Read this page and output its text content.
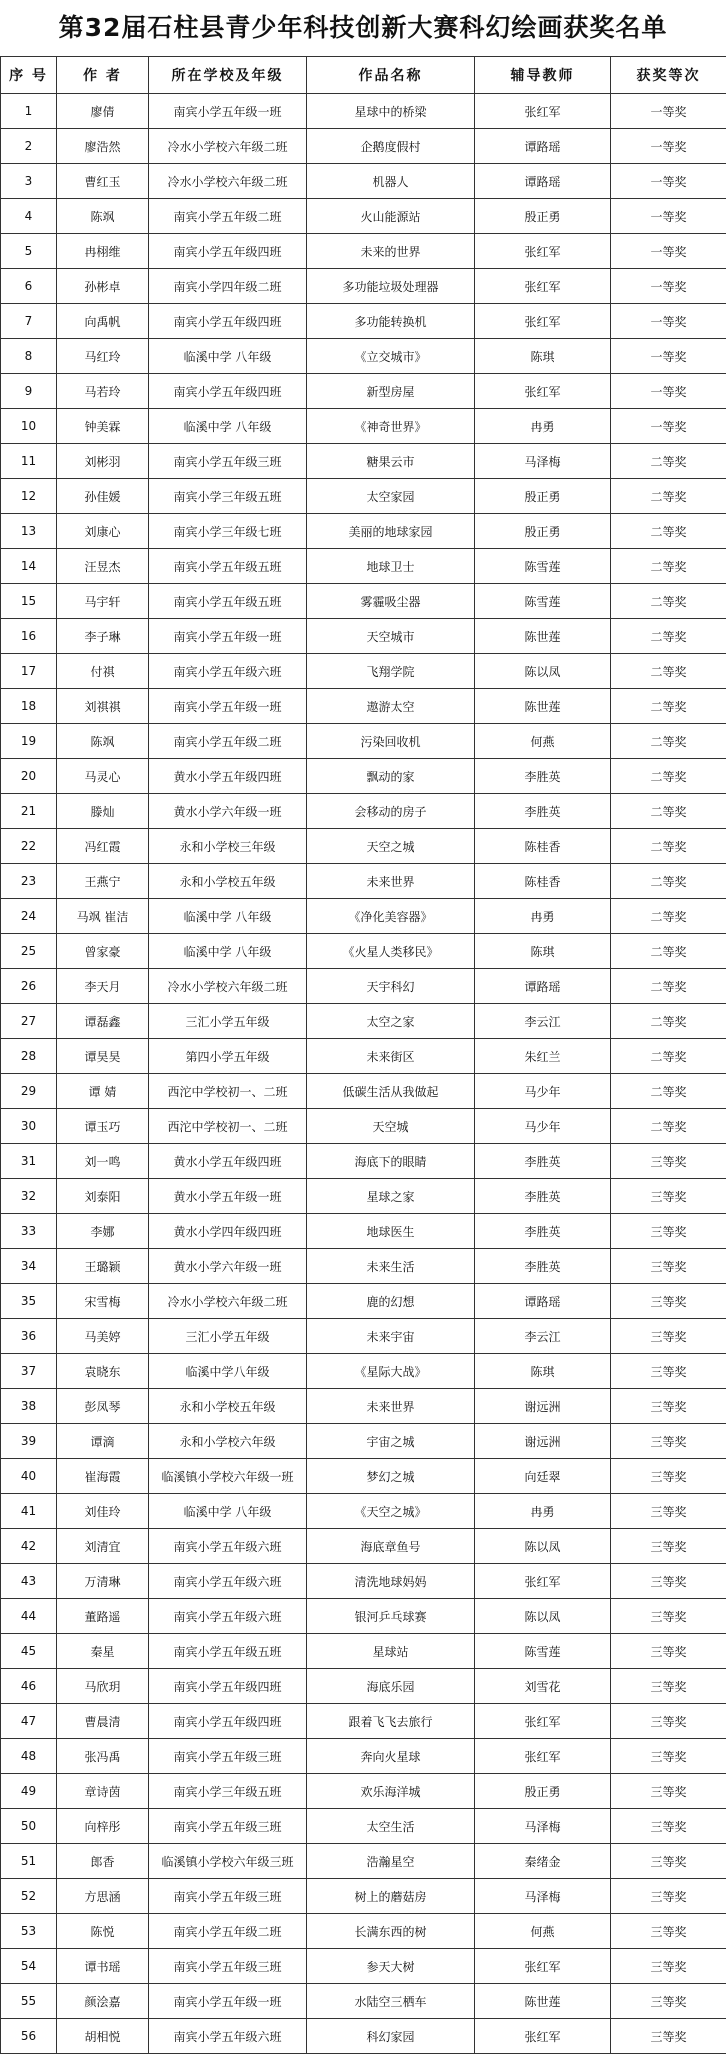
第32届石柱县青少年科技创新大赛科幻绘画获奖名单
序 号	作 者	所在学校及年级	作品名称	辅导教师	获奖等次
1	廖倩	南宾小学五年级一班	星球中的桥梁	张红军	一等奖
2	廖浩然	冷水小学校六年级二班	企鹅度假村	谭路瑶	一等奖
3	曹红玉	冷水小学校六年级二班	机器人	谭路瑶	一等奖
4	陈飒	南宾小学五年级二班	火山能源站	殷正勇	一等奖
5	冉栩维	南宾小学五年级四班	未来的世界	张红军	一等奖
6	孙彬卓	南宾小学四年级二班	多功能垃圾处理器	张红军	一等奖
7	向禹帆	南宾小学五年级四班	多功能转换机	张红军	一等奖
8	马红玲	临溪中学 八年级	《立交城市》	陈琪	一等奖
9	马若玲	南宾小学五年级四班	新型房屋	张红军	一等奖
10	钟美霖	临溪中学 八年级	《神奇世界》	冉勇	一等奖
11	刘彬羽	南宾小学五年级三班	糖果云市	马泽梅	二等奖
12	孙佳媛	南宾小学三年级五班	太空家园	殷正勇	二等奖
13	刘康心	南宾小学三年级七班	美丽的地球家园	殷正勇	二等奖
14	汪昱杰	南宾小学五年级五班	地球卫士	陈雪莲	二等奖
15	马宇轩	南宾小学五年级五班	雾霾吸尘器	陈雪莲	二等奖
16	李子琳	南宾小学五年级一班	天空城市	陈世莲	二等奖
17	付祺	南宾小学五年级六班	飞翔学院	陈以凤	二等奖
18	刘祺祺	南宾小学五年级一班	遨游太空	陈世莲	二等奖
19	陈飒	南宾小学五年级二班	污染回收机	何燕	二等奖
20	马灵心	黄水小学五年级四班	飘动的家	李胜英	二等奖
21	滕灿	黄水小学六年级一班	会移动的房子	李胜英	二等奖
22	冯红霞	永和小学校三年级	天空之城	陈桂香	二等奖
23	王燕宁	永和小学校五年级	未来世界	陈桂香	二等奖
24	马飒 崔洁	临溪中学 八年级	《净化美容器》	冉勇	二等奖
25	曾家豪	临溪中学 八年级	《火星人类移民》	陈琪	二等奖
26	李天月	冷水小学校六年级二班	天宇科幻	谭路瑶	二等奖
27	谭磊鑫	三汇小学五年级	太空之家	李云江	二等奖
28	谭昊昊	第四小学五年级	未来街区	朱红兰	二等奖
29	谭 婧	西沱中学校初一、二班	低碳生活从我做起	马少年	二等奖
30	谭玉巧	西沱中学校初一、二班	天空城	马少年	二等奖
31	刘一鸣	黄水小学五年级四班	海底下的眼睛	李胜英	三等奖
32	刘泰阳	黄水小学五年级一班	星球之家	李胜英	三等奖
33	李娜	黄水小学四年级四班	地球医生	李胜英	三等奖
34	王璐颖	黄水小学六年级一班	未来生活	李胜英	三等奖
35	宋雪梅	冷水小学校六年级二班	鹿的幻想	谭路瑶	三等奖
36	马美婷	三汇小学五年级	未来宇宙	李云江	三等奖
37	袁晓东	临溪中学八年级	《星际大战》	陈琪	三等奖
38	彭凤琴	永和小学校五年级	未来世界	谢远洲	三等奖
39	谭滴	永和小学校六年级	宇宙之城	谢远洲	三等奖
40	崔海霞	临溪镇小学校六年级一班	梦幻之城	向廷翠	三等奖
41	刘佳玲	临溪中学 八年级	《天空之城》	冉勇	三等奖
42	刘清宜	南宾小学五年级六班	海底章鱼号	陈以凤	三等奖
43	万清琳	南宾小学五年级六班	清洗地球妈妈	张红军	三等奖
44	董路遥	南宾小学五年级六班	银河乒乓球赛	陈以凤	三等奖
45	秦星	南宾小学五年级五班	星球站	陈雪莲	三等奖
46	马欣玥	南宾小学五年级四班	海底乐园	刘雪花	三等奖
47	曹晨清	南宾小学五年级四班	跟着飞飞去旅行	张红军	三等奖
48	张冯禹	南宾小学五年级三班	奔向火星球	张红军	三等奖
49	章诗茵	南宾小学三年级五班	欢乐海洋城	殷正勇	三等奖
50	向梓彤	南宾小学五年级三班	太空生活	马泽梅	三等奖
51	郎香	临溪镇小学校六年级三班	浩瀚星空	秦绪金	三等奖
52	方思涵	南宾小学五年级三班	树上的蘑菇房	马泽梅	三等奖
53	陈悦	南宾小学五年级二班	长满东西的树	何燕	三等奖
54	谭书瑶	南宾小学五年级三班	参天大树	张红军	三等奖
55	颜浍嘉	南宾小学五年级一班	水陆空三栖车	陈世莲	三等奖
56	胡相悦	南宾小学五年级六班	科幻家园	张红军	三等奖
